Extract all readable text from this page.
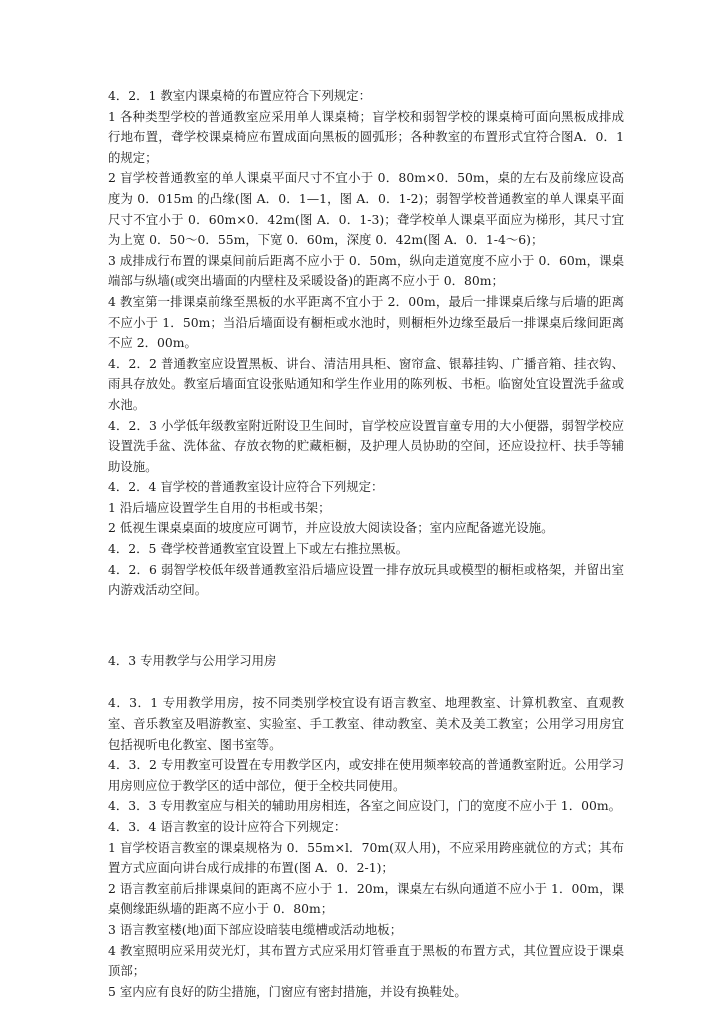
4．2．1 教室内课桌椅的布置应符合下列规定：

1 各种类型学校的普通教室应采用单人课桌椅；盲学校和弱智学校的课桌椅可面向黑板成排成行地布置，聋学校课桌椅应布置成面向黑板的圆弧形；各种教室的布置形式宜符合图A．0．1的规定；

2 盲学校普通教室的单人课桌平面尺寸不宜小于 0．80m×0．50m，桌的左右及前缘应设高度为 0．015m 的凸缘(图 A．0．1—1，图 A．0．1-2)；弱智学校普通教室的单人课桌平面尺寸不宜小于 0．60m×0．42m(图 A．0．1-3)；聋学校单人课桌平面应为梯形，其尺寸宜为上宽 0．50～0．55m，下宽 0．60m，深度 0．42m(图 A．0．1-4～6)；

3 成排成行布置的课桌间前后距离不应小于 0．50m，纵向走道宽度不应小于 0．60m，课桌端部与纵墙(或突出墙面的内壁柱及采暖设备)的距离不应小于 0．80m；

4 教室第一排课桌前缘至黑板的水平距离不宜小于 2．00m，最后一排课桌后缘与后墙的距离不应小于 1．50m；当沿后墙面设有橱柜或水池时，则橱柜外边缘至最后一排课桌后缘间距离不应 2．00m。

4．2．2 普通教室应设置黑板、讲台、清洁用具柜、窗帘盒、银幕挂钩、广播音箱、挂衣钩、雨具存放处。教室后墙面宜设张贴通知和学生作业用的陈列板、书柜。临窗处宜设置洗手盆或水池。

4．2．3 小学低年级教室附近附设卫生间时，盲学校应设置盲童专用的大小便器，弱智学校应设置洗手盆、洗体盆、存放衣物的贮藏柜橱，及护理人员协助的空间，还应设拉杆、扶手等辅助设施。

4．2．4 盲学校的普通教室设计应符合下列规定：

1 沿后墙应设置学生自用的书柜或书架；

2 低视生课桌桌面的坡度应可调节，并应设放大阅读设备；室内应配备遮光设施。

4．2．5 聋学校普通教室宜设置上下或左右推拉黑板。

4．2．6 弱智学校低年级普通教室沿后墙应设置一排存放玩具或模型的橱柜或格架，并留出室内游戏活动空间。

4．3 专用教学与公用学习用房

4．3．1 专用教学用房，按不同类别学校宜设有语言教室、地理教室、计算机教室、直观教室、音乐教室及唱游教室、实验室、手工教室、律动教室、美术及美工教室；公用学习用房宜包括视听电化教室、图书室等。

4．3．2 专用教室可设置在专用教学区内，或安排在使用频率较高的普通教室附近。公用学习用房则应位于教学区的适中部位，便于全校共同使用。

4．3．3 专用教室应与相关的辅助用房相连，各室之间应设门，门的宽度不应小于 1．00m。

4．3．4 语言教室的设计应符合下列规定：

1 盲学校语言教室的课桌规格为 0．55m×l．70m(双人用)，不应采用跨座就位的方式；其布置方式应面向讲台成行成排的布置(图 A．0．2-1)；

2 语言教室前后排课桌间的距离不应小于 1．20m，课桌左右纵向通道不应小于 1．00m，课桌侧缘距纵墙的距离不应小于 0．80m；

3 语言教室楼(地)面下部应设暗装电缆槽或活动地板；

4 教室照明应采用荧光灯，其布置方式应采用灯管垂直于黑板的布置方式，其位置应设于课桌顶部；

5 室内应有良好的防尘措施，门窗应有密封措施，并设有换鞋处。
